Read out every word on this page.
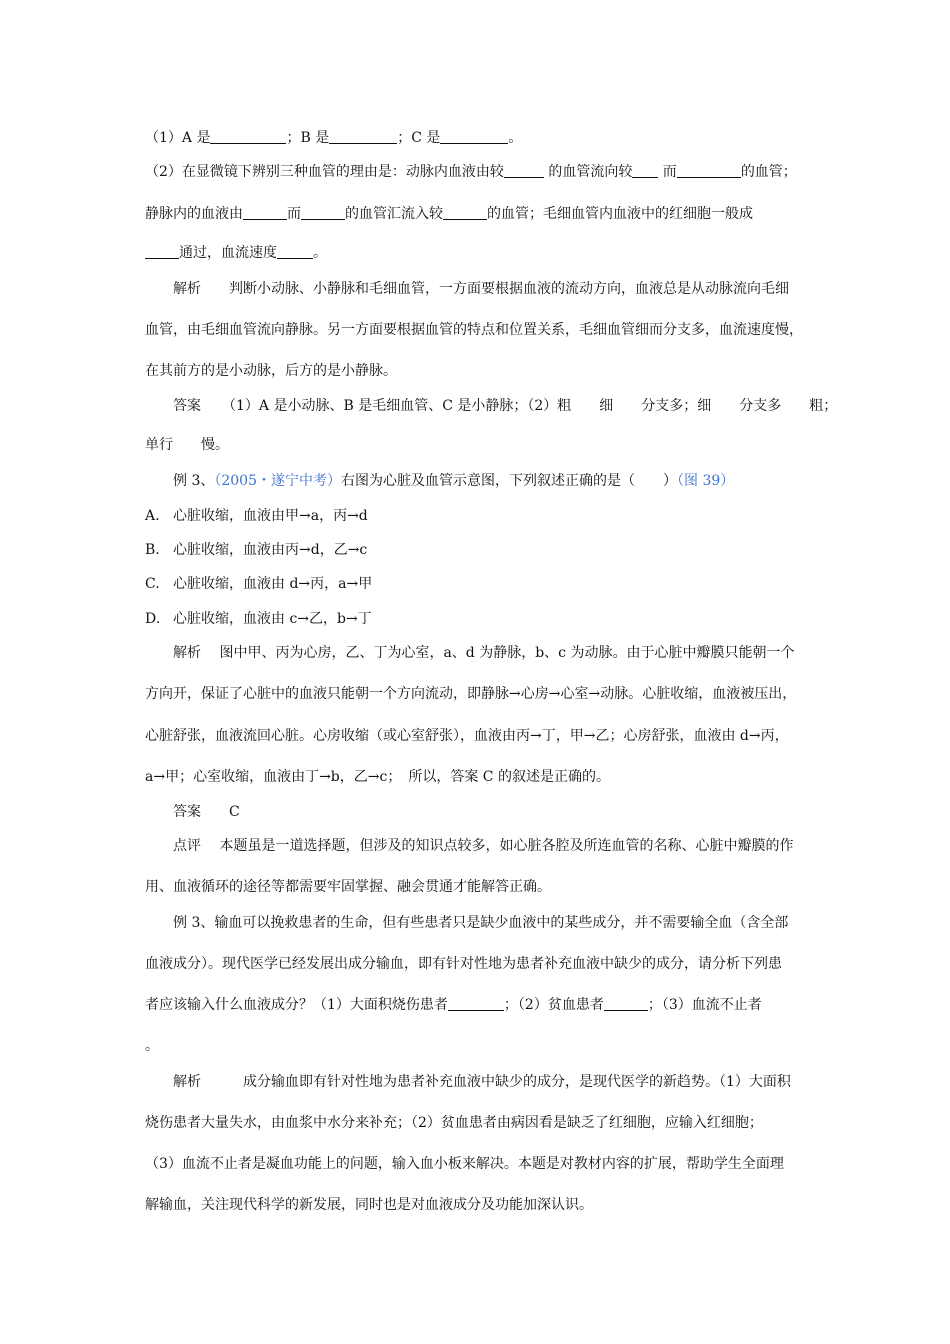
（1）A 是	；B 是	；C 是	。
（2）在显微镜下辨别三种血管的理由是：动脉内血液由较	的血管流向较 而	的血管；
静脉内的血液由	而	的血管汇流入较	的血管；毛细血管内血液中的红细胞一般成
通过，血流速度	。
解析　　判断小动脉、小静脉和毛细血管，一方面要根据血液的流动方向，血液总是从动脉流向毛细
血管，由毛细血管流向静脉。另一方面要根据血管的特点和位置关系，毛细血管细而分支多，血流速度慢，
在其前方的是小动脉，后方的是小静脉。
答案　　（1）A 是小动脉、B 是毛细血管、C 是小静脉；（2）粗　　细　　分支多；细　　分支多　　粗；
单行　　慢。
例 3、（2005・遂宁中考）右图为心脏及血管示意图，下列叙述正确的是（　　）（图 39）
A. 心脏收缩，血液由甲→a，丙→d
B. 心脏收缩，血液由丙→d，乙→c
C. 心脏收缩，血液由 d→丙，a→甲
D. 心脏收缩，血液由 c→乙，b→丁
解析　 图中甲、丙为心房，乙、丁为心室，a、d 为静脉，b、c 为动脉。由于心脏中瓣膜只能朝一个
方向开，保证了心脏中的血液只能朝一个方向流动，即静脉→心房→心室→动脉。心脏收缩，血液被压出，
心脏舒张，血液流回心脏。心房收缩（或心室舒张），血液由丙→丁，甲→乙；心房舒张，血液由 d→丙，
a→甲；心室收缩，血液由丁→b，乙→c；　所以，答案 C 的叙述是正确的。
答案　　C
点评　 本题虽是一道选择题，但涉及的知识点较多，如心脏各腔及所连血管的名称、心脏中瓣膜的作
用、血液循环的途径等都需要牢固掌握、融会贯通才能解答正确。
例 3、输血可以挽救患者的生命，但有些患者只是缺少血液中的某些成分，并不需要输全血（含全部
血液成分）。现代医学已经发展出成分输血，即有针对性地为患者补充血液中缺少的成分，请分析下列患
者应该输入什么血液成分？（1）大面积烧伤患者	；（2）贫血患者	；（3）血流不止者
。
解析　　　成分输血即有针对性地为患者补充血液中缺少的成分，是现代医学的新趋势。（1）大面积
烧伤患者大量失水，由血浆中水分来补充；（2）贫血患者由病因看是缺乏了红细胞，应输入红细胞；
（3）血流不止者是凝血功能上的问题，输入血小板来解决。本题是对教材内容的扩展，帮助学生全面理
解输血，关注现代科学的新发展，同时也是对血液成分及功能加深认识。
